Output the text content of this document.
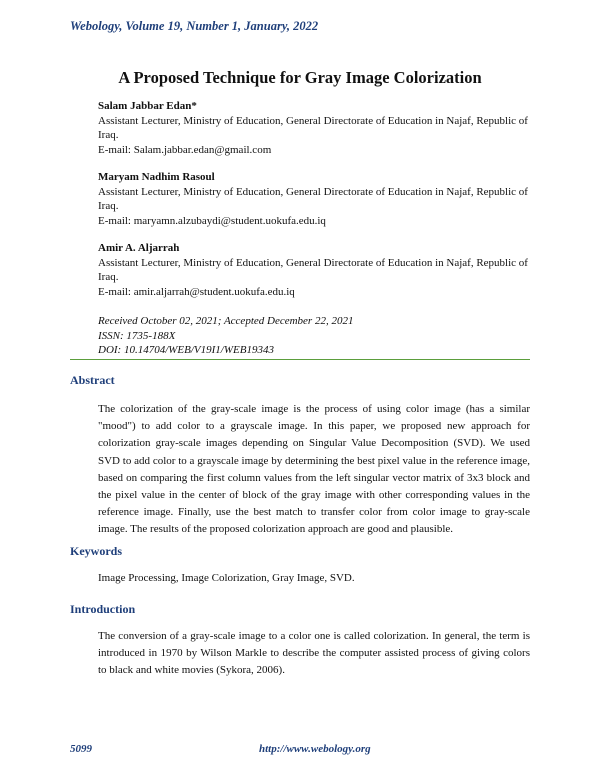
Webology, Volume 19, Number 1, January, 2022
A Proposed Technique for Gray Image Colorization
Salam Jabbar Edan*
Assistant Lecturer, Ministry of Education, General Directorate of Education in Najaf, Republic of Iraq.
E-mail: Salam.jabbar.edan@gmail.com
Maryam Nadhim Rasoul
Assistant Lecturer, Ministry of Education, General Directorate of Education in Najaf, Republic of Iraq.
E-mail: maryamn.alzubaydi@student.uokufa.edu.iq
Amir A. Aljarrah
Assistant Lecturer, Ministry of Education, General Directorate of Education in Najaf, Republic of Iraq.
E-mail: amir.aljarrah@student.uokufa.edu.iq
Received October 02, 2021; Accepted December 22, 2021
ISSN: 1735-188X
DOI: 10.14704/WEB/V19I1/WEB19343
Abstract
The colorization of the gray-scale image is the process of using color image (has a similar "mood") to add color to a grayscale image. In this paper, we proposed new approach for colorization gray-scale images depending on Singular Value Decomposition (SVD). We used SVD to add color to a grayscale image by determining the best pixel value in the reference image, based on comparing the first column values from the left singular vector matrix of 3x3 block and the pixel value in the center of block of the gray image with other corresponding values in the reference image. Finally, use the best match to transfer color from color image to gray-scale image. The results of the proposed colorization approach are good and plausible.
Keywords
Image Processing, Image Colorization, Gray Image, SVD.
Introduction
The conversion of a gray-scale image to a color one is called colorization. In general, the term is introduced in 1970 by Wilson Markle to describe the computer assisted process of giving colors to black and white movies (Sykora, 2006).
5099	http://www.webology.org
